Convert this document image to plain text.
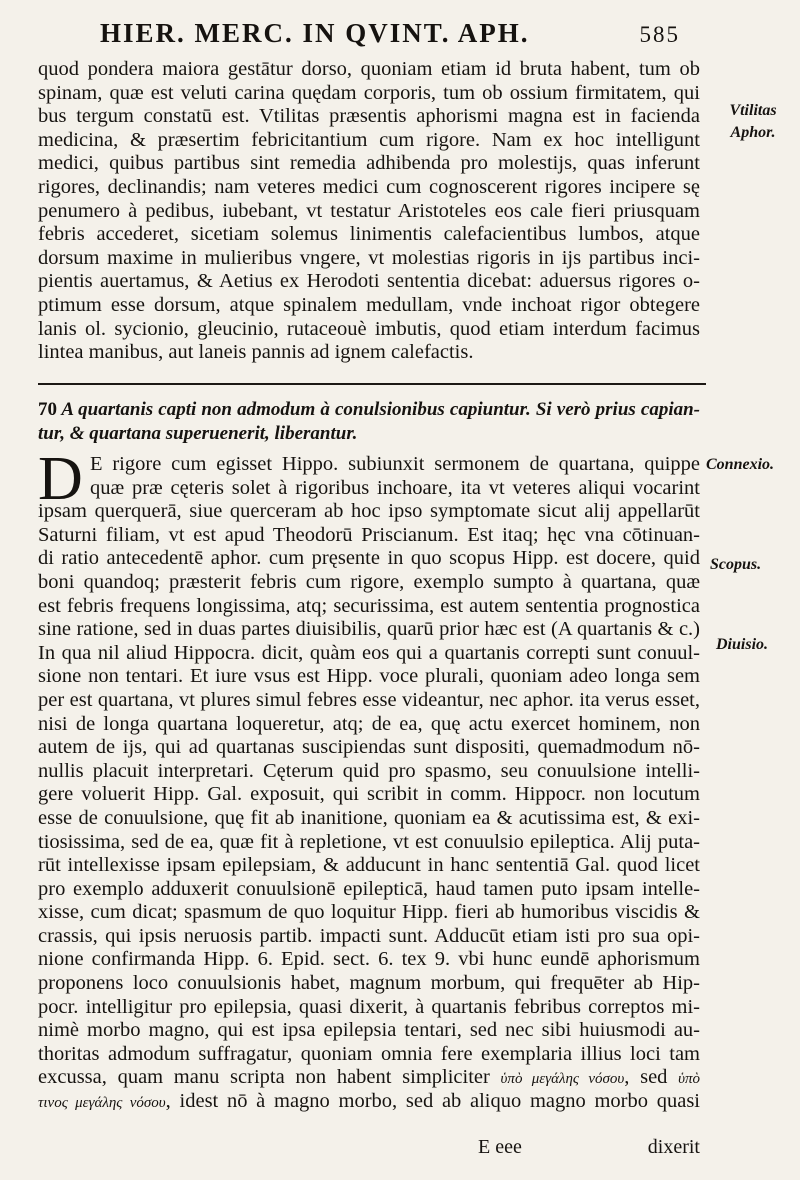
HIER. MERC. IN QVINT. APH.	585
quod pondera maiora gestātur dorso, quoniam etiam id bruta habent, tum ob
spinam, quæ est veluti carina quędam corporis, tum ob ossium firmitatem, qui
bus tergum constatū est. Vtilitas præsentis aphorismi magna est in facienda
medicina, & præsertim febricitantium cum rigore. Nam ex hoc intelligunt
medici, quibus partibus sint remedia adhibenda pro molestijs, quas inferunt
rigores, declinandis; nam veteres medici cum cognoscerent rigores incipere sę
penumero à pedibus, iubebant, vt testatur Aristoteles eos cale fieri priusquam
febris accederet, sicetiam solemus linimentis calefacientibus lumbos, atque
dorsum maxime in mulieribus vngere, vt molestias rigoris in ijs partibus inci-
pientis auertamus, & Aetius ex Herodoti sententia dicebat: aduersus rigores o-
ptimum esse dorsum, atque spinalem medullam, vnde inchoat rigor obtegere
lanis ol. sycionio, gleucinio, rutaceouè imbutis, quod etiam interdum facimus
lintea manibus, aut laneis pannis ad ignem calefactis.
70 A quartanis capti non admodum à conulsionibus capiuntur. Si verò prius capian-
tur, & quartana superuenerit, liberantur.
D E rigore cum egisset Hippo. subiunxit sermonem de quartana, quippe
quæ præ cęteris solet à rigoribus inchoare, ita vt veteres aliqui vocarint
ipsam querquerā, siue querceram ab hoc ipso symptomate sicut alij appellarūt
Saturni filiam, vt est apud Theodorū Priscianum. Est itaq; hęc vna cōtinuan-
di ratio antecedentē aphor. cum pręsente in quo scopus Hipp. est docere, quid
boni quandoq; præsterit febris cum rigore, exemplo sumpto à quartana, quæ
est febris frequens longissima, atq; securissima, est autem sententia prognostica
sine ratione, sed in duas partes diuisibilis, quarū prior hæc est (A quartanis & c.)
In qua nil aliud Hippocra. dicit, quàm eos qui a quartanis correpti sunt conuul-
sione non tentari. Et iure vsus est Hipp. voce plurali, quoniam adeo longa sem
per est quartana, vt plures simul febres esse videantur, nec aphor. ita verus esset,
nisi de longa quartana loqueretur, atq; de ea, quę actu exercet hominem, non
autem de ijs, qui ad quartanas suscipiendas sunt dispositi, quemadmodum nō-
nullis placuit interpretari. Cęterum quid pro spasmo, seu conuulsione intelli-
gere voluerit Hipp. Gal. exposuit, qui scribit in comm. Hippocr. non locutum
esse de conuulsione, quę fit ab inanitione, quoniam ea & acutissima est, & exi-
tiosissima, sed de ea, quæ fit à repletione, vt est conuulsio epileptica. Alij puta-
rūt intellexisse ipsam epilepsiam, & adducunt in hanc sententiā Gal. quod licet
pro exemplo adduxerit conuulsionē epilepticā, haud tamen puto ipsam intelle-
xisse, cum dicat; spasmum de quo loquitur Hipp. fieri ab humoribus viscidis &
crassis, qui ipsis neruosis partib. impacti sunt. Adducūt etiam isti pro sua opi-
nione confirmanda Hipp. 6. Epid. sect. 6. tex 9. vbi hunc eundē aphorismum
proponens loco conuulsionis habet, magnum morbum, qui frequēter ab Hip-
pocr. intelligitur pro epilepsia, quasi dixerit, à quartanis febribus correptos mi-
nimè morbo magno, qui est ipsa epilepsia tentari, sed nec sibi huiusmodi au-
thoritas admodum suffragatur, quoniam omnia fere exemplaria illius loci tam
excussa, quam manu scripta non habent simpliciter ὑπὸ μεγάλης νόσου, sed ὑπὸ
τινος μεγάλης νόσου, idest nō à magno morbo, sed ab aliquo magno morbo quasi
E eee	dixerit
Vtilitas Aphor.
Connexio.
Scopus.
Diuisio.
